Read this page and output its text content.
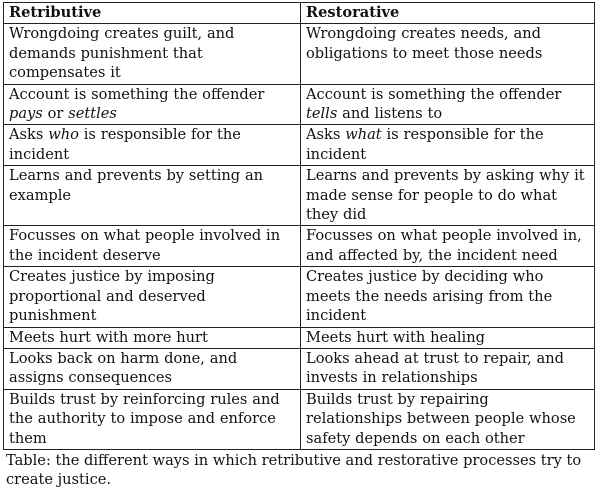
Retributive	Restorative
Wrongdoing creates guilt, and demands punishment that compensates it	Wrongdoing creates needs, and obligations to meet those needs
Account is something the offender pays or settles	Account is something the offender tells and listens to
Asks who is responsible for the incident	Asks what is responsible for the incident
Learns and prevents by setting an example	Learns and prevents by asking why it made sense for people to do what they did
Focusses on what people involved in the incident deserve	Focusses on what people involved in, and affected by, the incident need
Creates justice by imposing proportional and deserved punishment	Creates justice by deciding who meets the needs arising from the incident
Meets hurt with more hurt	Meets hurt with healing
Looks back on harm done, and assigns consequences	Looks ahead at trust to repair, and invests in relationships
Builds trust by reinforcing rules and the authority to impose and enforce them	Builds trust by repairing relationships between people whose safety depends on each other
Table: the different ways in which retributive and restorative processes try to create justice.
